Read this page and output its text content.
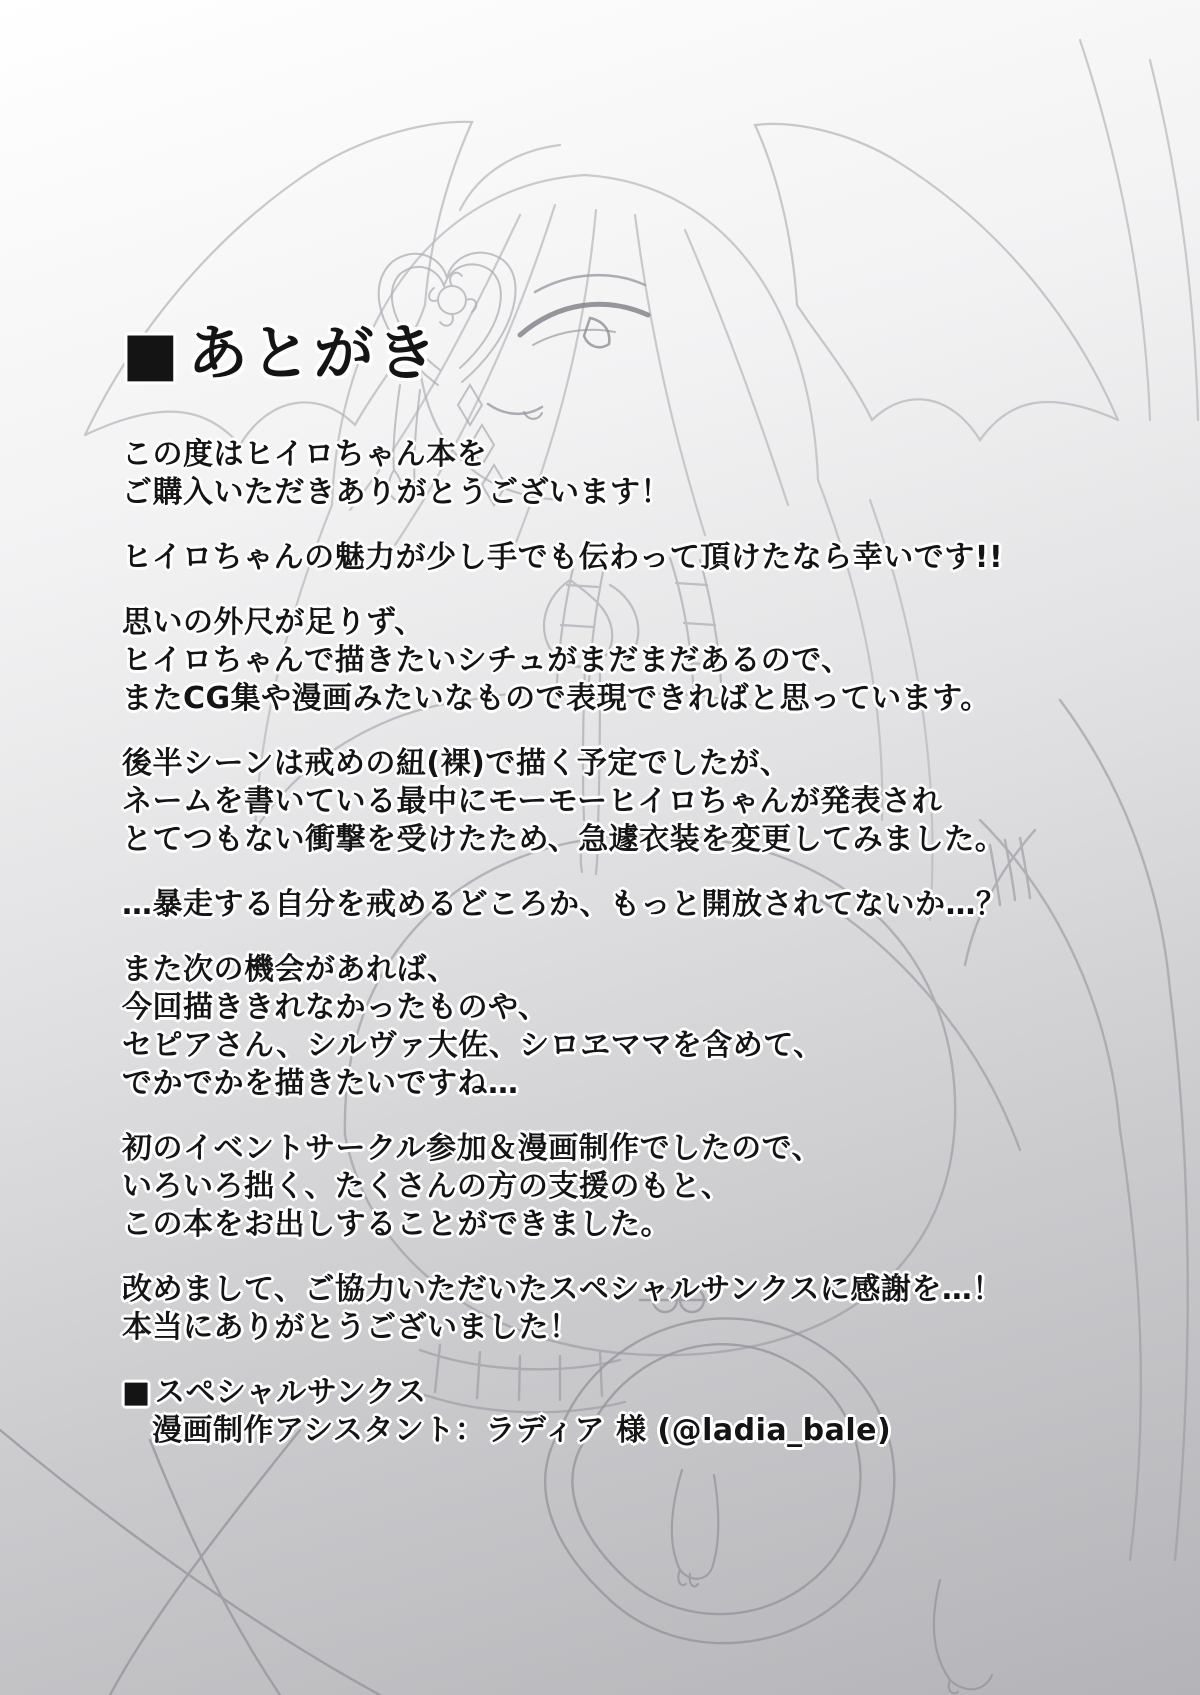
■ あとがき

この度はヒイロちゃん本を
ご購入いただきありがとうございます！

ヒイロちゃんの魅力が少し手でも伝わって頂けたなら幸いです!!

思いの外尺が足りず、
ヒイロちゃんで描きたいシチュがまだまだあるので、
またCG集や漫画みたいなもので表現できればと思っています。

後半シーンは戒めの紐(裸)で描く予定でしたが、
ネームを書いている最中にモーモーヒイロちゃんが発表され
とてつもない衝撃を受けたため、急遽衣装を変更してみました。

…暴走する自分を戒めるどころか、もっと開放されてないか…？

また次の機会があれば、
今回描ききれなかったものや、
セピアさん、シルヴァ大佐、シロヱママを含めて、
でかでかを描きたいですね…

初のイベントサークル参加＆漫画制作でしたので、
いろいろ拙く、たくさんの方の支援のもと、
この本をお出しすることができました。

改めまして、ご協力いただいたスペシャルサンクスに感謝を…！
本当にありがとうございました！

■ スペシャルサンクス
漫画制作アシスタント：ラディア 様 (@ladia_bale)
